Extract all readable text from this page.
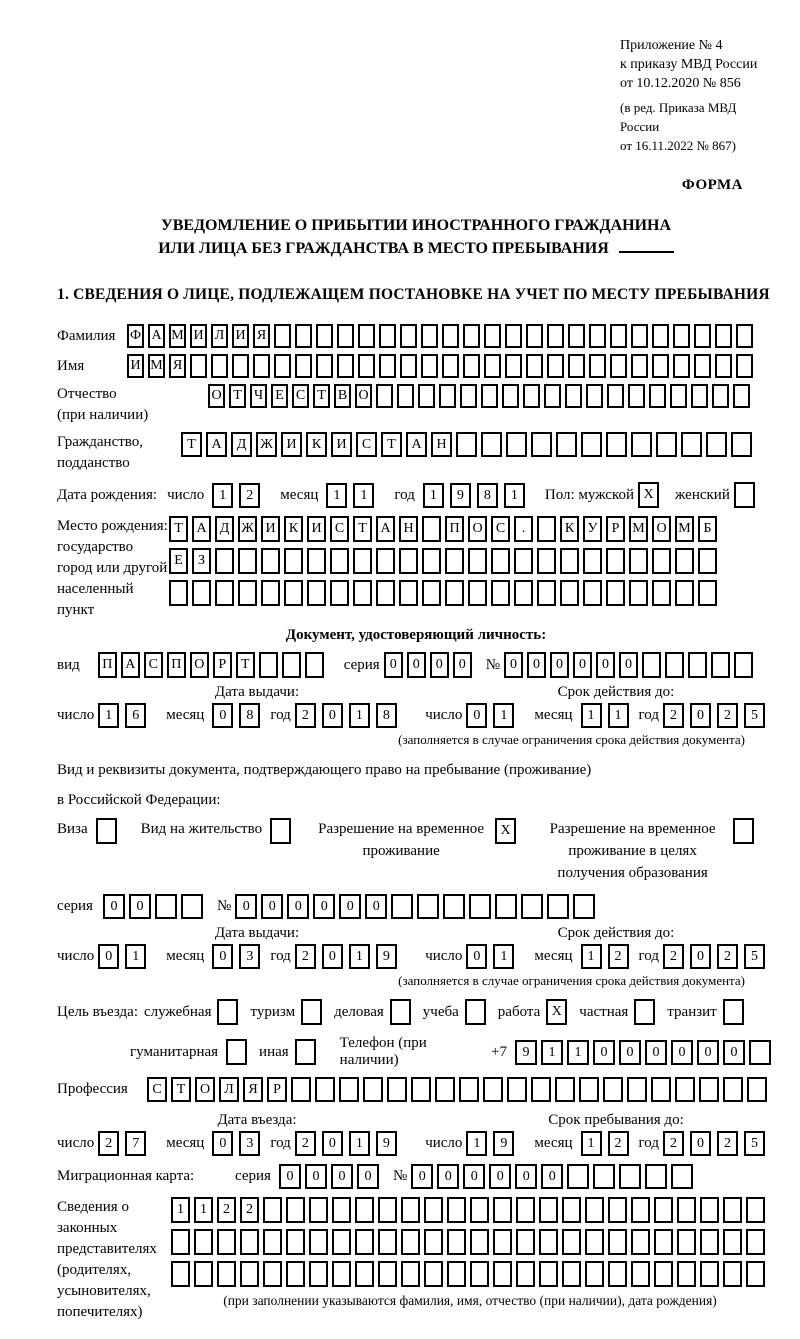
Приложение № 4
к приказу МВД России
от 10.12.2020 № 856
(в ред. Приказа МВД России
от 16.11.2022 № 867)
ФОРМА
УВЕДОМЛЕНИЕ О ПРИБЫТИИ ИНОСТРАННОГО ГРАЖДАНИНА
ИЛИ ЛИЦА БЕЗ ГРАЖДАНСТВА В МЕСТО ПРЕБЫВАНИЯ
1. СВЕДЕНИЯ О ЛИЦЕ, ПОДЛЕЖАЩЕМ ПОСТАНОВКЕ НА УЧЕТ ПО МЕСТУ ПРЕБЫВАНИЯ
Фамилия	Ф А М И Л И Я
Имя	И М Я
Отчество
(при наличии)
О Т Ч Е С Т В О
Гражданство,
подданство
Т	А	Д Ж И	К	И	С	Т	А	Н
Дата рождения: число	1	2	месяц	1	1	год	1	9	8	1	Пол: мужской X	женский
Место рождения:
государство
город или другой
населенный пункт
Т А Д Ж И К И С	Т А Н	П О С	.	К У	Р М О М Б
Е	З
Документ, удостоверяющий личность:
вид	П А С П О	Р	Т	серия 0	0	0	0	№ 0	0	0	0	0	0
Дата выдачи:	Срок действия до:
число 1	6	месяц	0	8	год 2	0	1	8	число 0	1	месяц	1	1	год 2	0	2	5
(заполняется в случае ограничения срока действия документа)
Вид и реквизиты документа, подтверждающего право на пребывание (проживание)
в Российской Федерации:
Виза	Вид на жительство	Разрешение на временное проживание
X	Разрешение на временное проживание в целях получения образования
серия	0	0	№ 0	0	0	0	0	0
Дата выдачи:	Срок действия до:
число 0	1	месяц	0	3	год 2	0	1	9	число 0	1	месяц	1	2	год 2	0	2	5
(заполняется в случае ограничения срока действия документа)
Цель въезда: служебная	туризм	деловая	учеба	работа X	частная	транзит
гуманитарная	иная
Телефон (при наличии)
+7	9	1	1	0	0	0	0	0	0
Профессия	С	Т	О	Л	Я	Р
Дата въезда:	Срок пребывания до:
число 2	7	месяц	0	3	год 2	0	1	9	число 1	9	месяц	1	2	год 2	0	2	5
Миграционная карта:	серия	0	0	0	0	№ 0	0	0	0	0	0
Сведения о
законных
представителях
(родителях,
усыновителях,
попечителях)
1	1	2	2
(при заполнении указываются фамилия, имя, отчество (при наличии), дата рождения)
